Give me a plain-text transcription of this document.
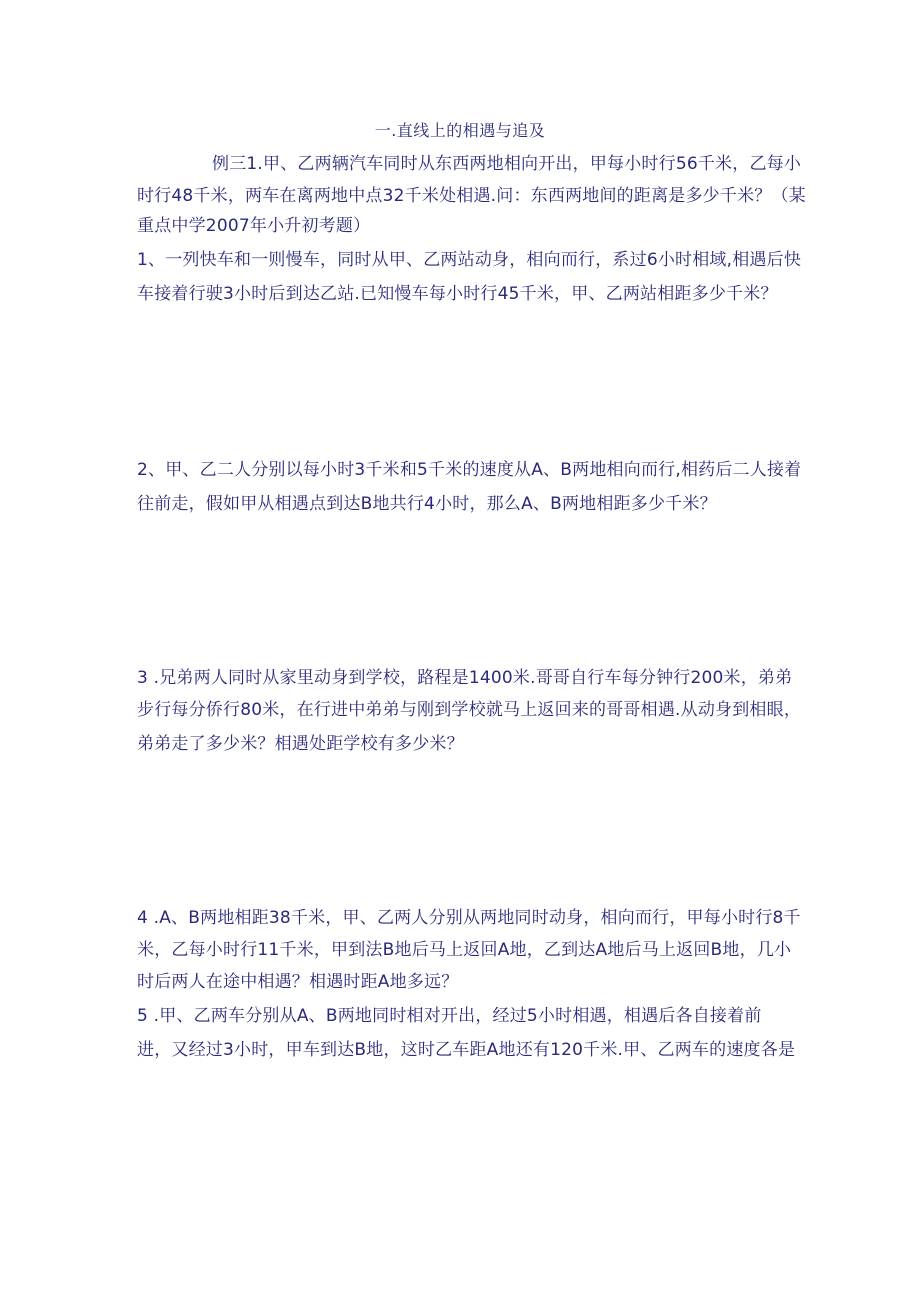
一.直线上的相遇与追及
例三1.甲、乙两辆汽车同时从东西两地相向开出，甲每小时行56千米，乙每小
时行48千米，两车在离两地中点32千米处相遇.问：东西两地间的距离是多少千米？（某
重点中学2007年小升初考题）
1、一列快车和一则慢车，同时从甲、乙两站动身，相向而行，系过6小时相域,相遇后快
车接着行驶3小时后到达乙站.已知慢车每小时行45千米，甲、乙两站相距多少千米？
2、甲、乙二人分别以每小时3千米和5千米的速度从A、B两地相向而行,相药后二人接着
往前走，假如甲从相遇点到达B地共行4小时，那么A、B两地相距多少千米？
3 .兄弟两人同时从家里动身到学校，路程是1400米.哥哥自行车每分钟行200米，弟弟
步行每分侨行80米，在行进中弟弟与刚到学校就马上返回来的哥哥相遇.从动身到相眼，
弟弟走了多少米？相遇处距学校有多少米？
4 .A、B两地相距38千米，甲、乙两人分别从两地同时动身，相向而行，甲每小时行8千
米，乙每小时行11千米，甲到法B地后马上返回A地，乙到达A地后马上返回B地，几小
时后两人在途中相遇？相遇时距A地多远？
5 .甲、乙两车分别从A、B两地同时相对开出，经过5小时相遇，相遇后各自接着前
进，又经过3小时，甲车到达B地，这时乙车距A地还有120千米.甲、乙两车的速度各是
